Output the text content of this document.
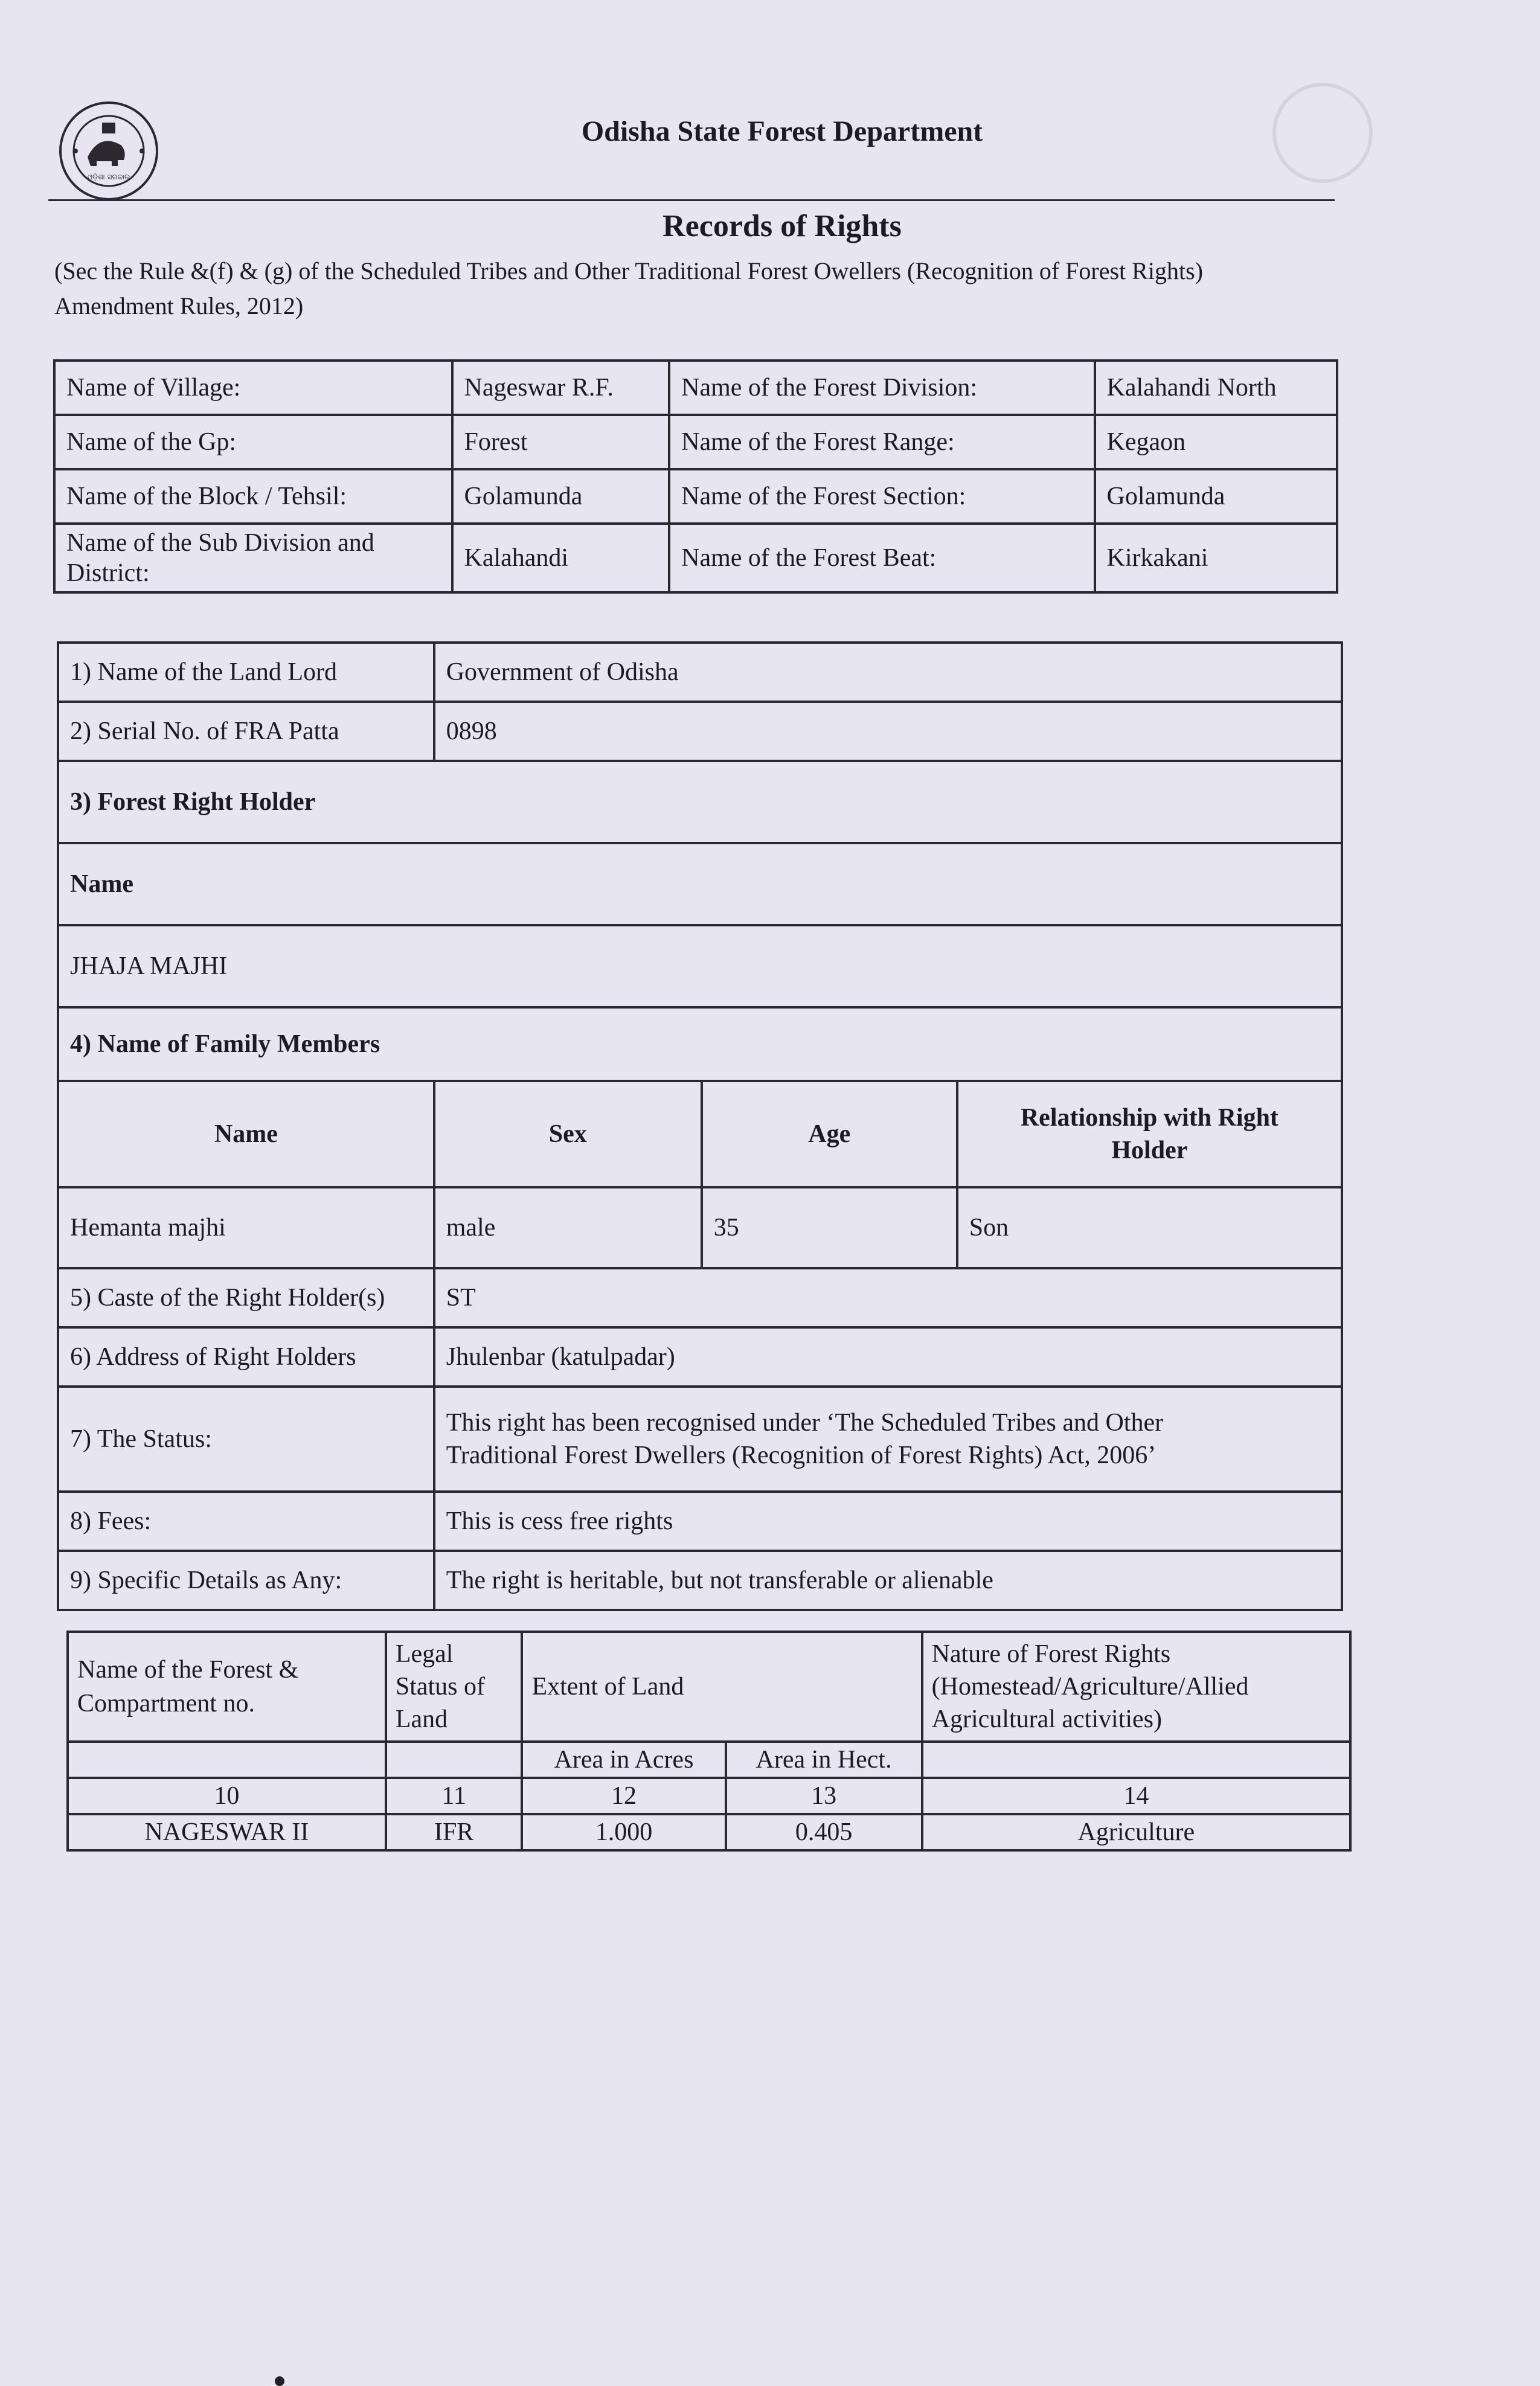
ଓଡ଼ିଶା ସରକାର
Odisha State Forest Department
Records of Rights
(Sec the Rule &(f) & (g) of the Scheduled Tribes and Other Traditional Forest Owellers (Recognition of Forest Rights) Amendment Rules, 2012)
Name of Village:	Nageswar R.F.	Name of the Forest Division:	Kalahandi North
Name of the Gp:	Forest	Name of the Forest Range:	Kegaon
Name of the Block / Tehsil:	Golamunda	Name of the Forest Section:	Golamunda
Name of the Sub Division and District:	Kalahandi	Name of the Forest Beat:	Kirkakani
1) Name of the Land Lord	Government of Odisha		
2) Serial No. of FRA Patta	0898		
3) Forest Right Holder			
Name			
JHAJA MAJHI			
4) Name of Family Members			
Name	Sex	Age	Relationship with Right Holder
Hemanta majhi	male	35	Son
5) Caste of the Right Holder(s)	ST		
6) Address of Right Holders	Jhulenbar (katulpadar)		
7) The Status:	This right has been recognised under ‘The Scheduled Tribes and Other Traditional Forest Dwellers (Recognition of Forest Rights) Act, 2006’		
8) Fees:	This is cess free rights		
9) Specific Details as Any:	The right is heritable, but not transferable or alienable		
Name of the Forest & Compartment no.	Legal Status of Land	Extent of Land		Nature of Forest Rights (Homestead/Agriculture/Allied Agricultural activities)
		Area in Acres	Area in Hect.	
10	11	12	13	14
NAGESWAR II	IFR	1.000	0.405	Agriculture
